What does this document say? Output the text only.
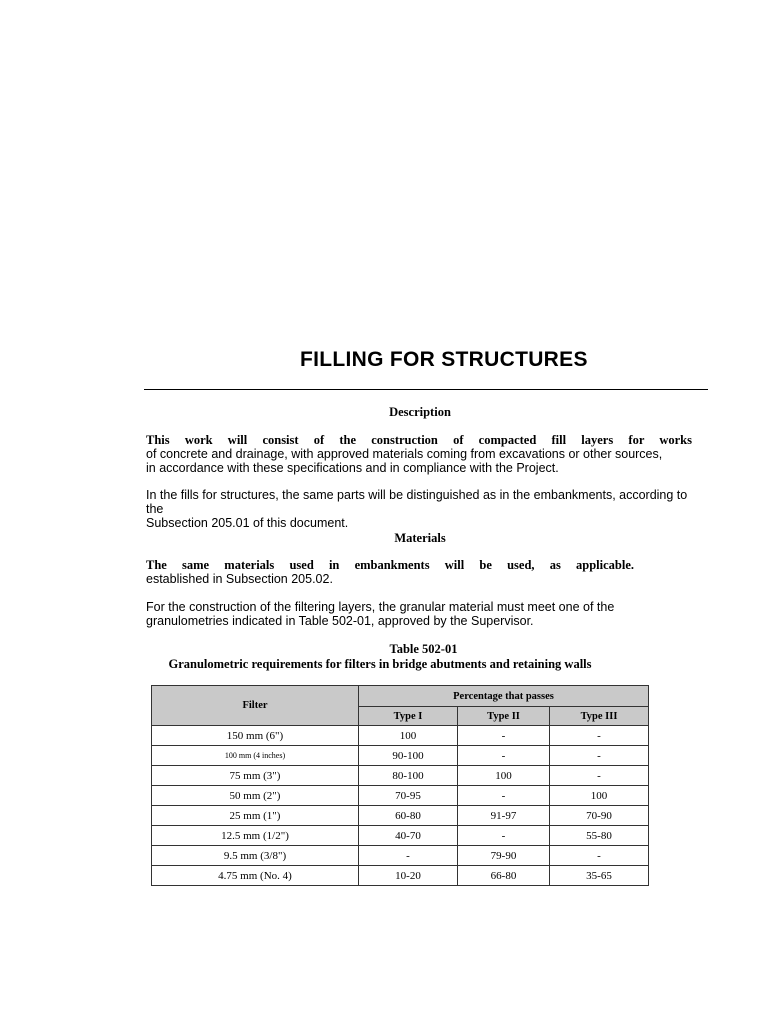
FILLING FOR STRUCTURES
Description

This work will consist of the construction of compacted fill layers for works
of concrete and drainage, with approved materials coming from excavations or other sources,
in accordance with these specifications and in compliance with the Project.

In the fills for structures, the same parts will be distinguished as in the embankments, according to the
Subsection 205.01 of this document.

Materials

The same materials used in embankments will be used, as applicable.
established in Subsection 205.02.

For the construction of the filtering layers, the granular material must meet one of the
granulometries indicated in Table 502-01, approved by the Supervisor.

Table 502-01

Granulometric requirements for filters in bridge abutments and retaining walls

Filter	Percentage that passes		
	Type I	Type II	Type III
150 mm (6")	100	-	-
100 mm (4 inches)	90-100	-	-
75 mm (3")	80-100	100	-
50 mm (2")	70-95	-	100
25 mm (1")	60-80	91-97	70-90
12.5 mm (1/2")	40-70	-	55-80
9.5 mm (3/8")	-	79-90	-
4.75 mm (No. 4)	10-20	66-80	35-65
